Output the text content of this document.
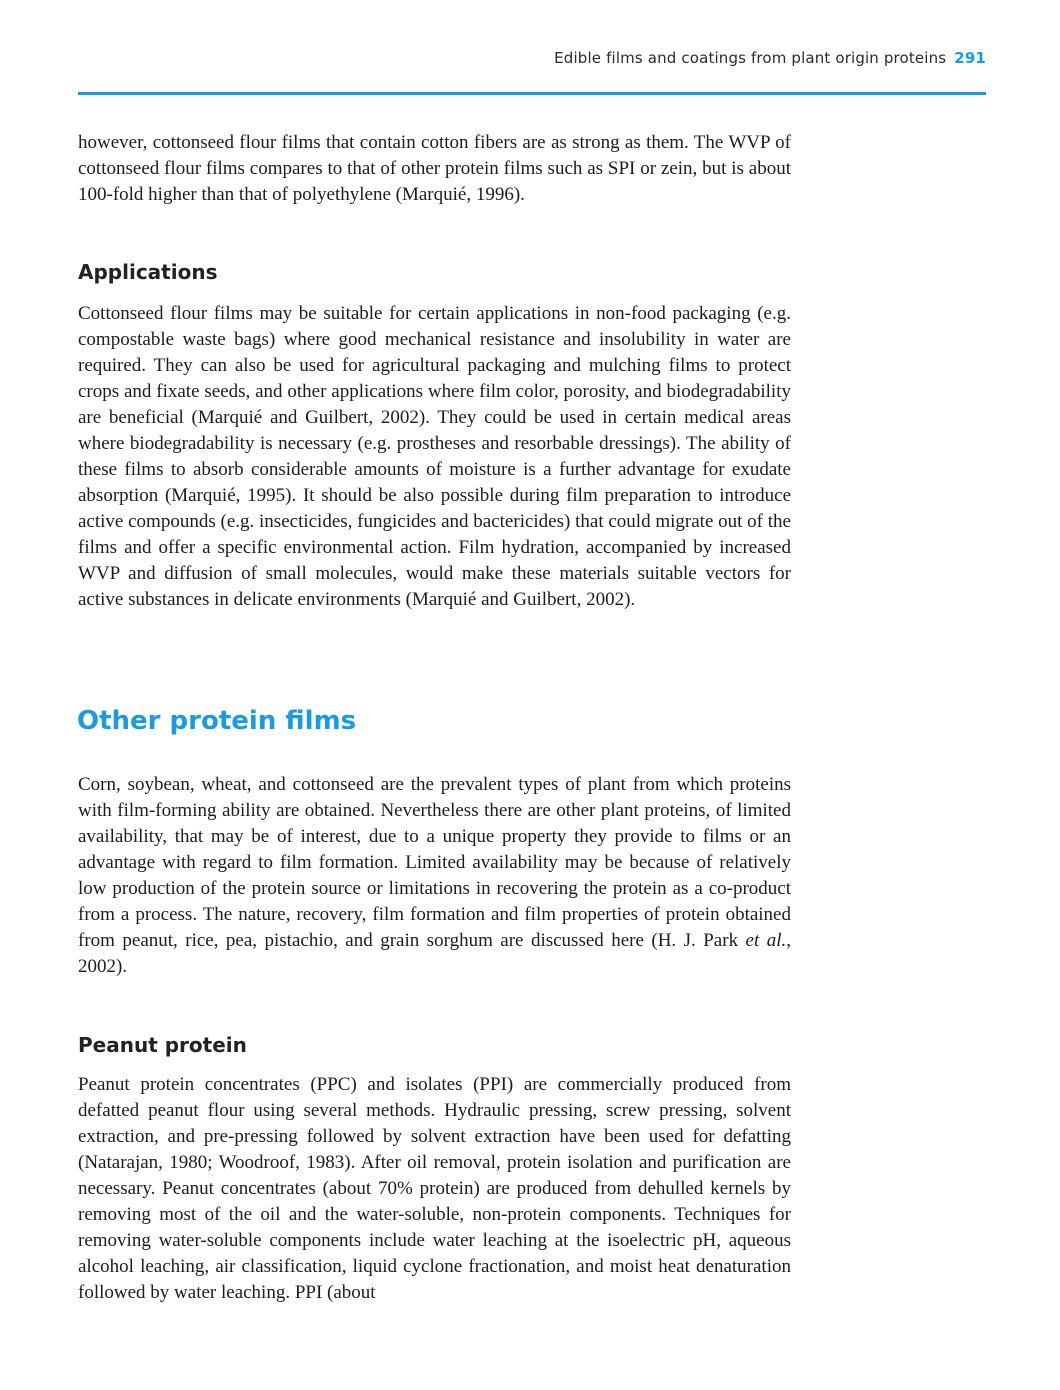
Edible films and coatings from plant origin proteins 291

however, cottonseed flour films that contain cotton fibers are as strong as them. The WVP of cottonseed flour films compares to that of other protein films such as SPI or zein, but is about 100-fold higher than that of polyethylene (Marquié, 1996).

Applications

Cottonseed flour films may be suitable for certain applications in non-food packaging (e.g. compostable waste bags) where good mechanical resistance and insolubility in water are required. They can also be used for agricultural packaging and mulching films to protect crops and fixate seeds, and other applications where film color, porosity, and biodegradability are beneficial (Marquié and Guilbert, 2002). They could be used in certain medical areas where biodegradability is necessary (e.g. prostheses and resorbable dressings). The ability of these films to absorb considerable amounts of moisture is a further advantage for exudate absorption (Marquié, 1995). It should be also possible during film preparation to introduce active compounds (e.g. insecticides, fungicides and bactericides) that could migrate out of the films and offer a specific environmental action. Film hydration, accompanied by increased WVP and diffusion of small molecules, would make these materials suitable vectors for active substances in delicate environments (Marquié and Guilbert, 2002).

Other protein films

Corn, soybean, wheat, and cottonseed are the prevalent types of plant from which proteins with film-forming ability are obtained. Nevertheless there are other plant proteins, of limited availability, that may be of interest, due to a unique property they provide to films or an advantage with regard to film formation. Limited availability may be because of relatively low production of the protein source or limitations in recovering the protein as a co-product from a process. The nature, recovery, film formation and film properties of protein obtained from peanut, rice, pea, pistachio, and grain sorghum are discussed here (H. J. Park et al., 2002).

Peanut protein

Peanut protein concentrates (PPC) and isolates (PPI) are commercially produced from defatted peanut flour using several methods. Hydraulic pressing, screw pressing, solvent extraction, and pre-pressing followed by solvent extraction have been used for defatting (Natarajan, 1980; Woodroof, 1983). After oil removal, protein isolation and purification are necessary. Peanut concentrates (about 70% protein) are produced from dehulled kernels by removing most of the oil and the water-soluble, non-protein components. Techniques for removing water-soluble components include water leaching at the isoelectric pH, aqueous alcohol leaching, air classification, liquid cyclone fractionation, and moist heat denaturation followed by water leaching. PPI (about
